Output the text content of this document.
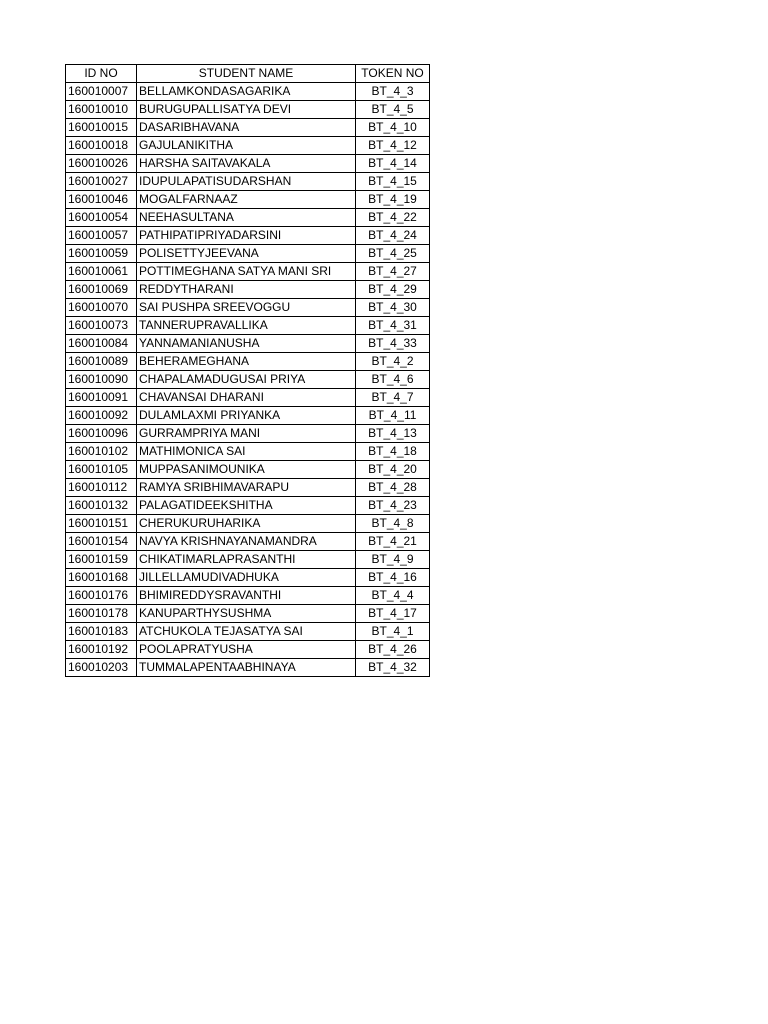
ID NO	STUDENT NAME	TOKEN NO
160010007	BELLAMKONDASAGARIKA	BT_4_3
160010010	BURUGUPALLISATYA DEVI	BT_4_5
160010015	DASARIBHAVANA	BT_4_10
160010018	GAJULANIKITHA	BT_4_12
160010026	HARSHA SAITAVAKALA	BT_4_14
160010027	IDUPULAPATISUDARSHAN	BT_4_15
160010046	MOGALFARNAAZ	BT_4_19
160010054	NEEHASULTANA	BT_4_22
160010057	PATHIPATIPRIYADARSINI	BT_4_24
160010059	POLISETTYJEEVANA	BT_4_25
160010061	POTTIMEGHANA SATYA MANI SRI	BT_4_27
160010069	REDDYTHARANI	BT_4_29
160010070	SAI PUSHPA SREEVOGGU	BT_4_30
160010073	TANNERUPRAVALLIKA	BT_4_31
160010084	YANNAMANIANUSHA	BT_4_33
160010089	BEHERAMEGHANA	BT_4_2
160010090	CHAPALAMADUGUSAI PRIYA	BT_4_6
160010091	CHAVANSAI DHARANI	BT_4_7
160010092	DULAMLAXMI PRIYANKA	BT_4_11
160010096	GURRAMPRIYA MANI	BT_4_13
160010102	MATHIMONICA SAI	BT_4_18
160010105	MUPPASANIMOUNIKA	BT_4_20
160010112	RAMYA SRIBHIMAVARAPU	BT_4_28
160010132	PALAGATIDEEKSHITHA	BT_4_23
160010151	CHERUKURUHARIKA	BT_4_8
160010154	NAVYA KRISHNAYANAMANDRA	BT_4_21
160010159	CHIKATIMARLAPRASANTHI	BT_4_9
160010168	JILLELLAMUDIVADHUKA	BT_4_16
160010176	BHIMIREDDYSRAVANTHI	BT_4_4
160010178	KANUPARTHYSUSHMA	BT_4_17
160010183	ATCHUKOLA TEJASATYA SAI	BT_4_1
160010192	POOLAPRATYUSHA	BT_4_26
160010203	TUMMALAPENTAABHINAYA	BT_4_32
